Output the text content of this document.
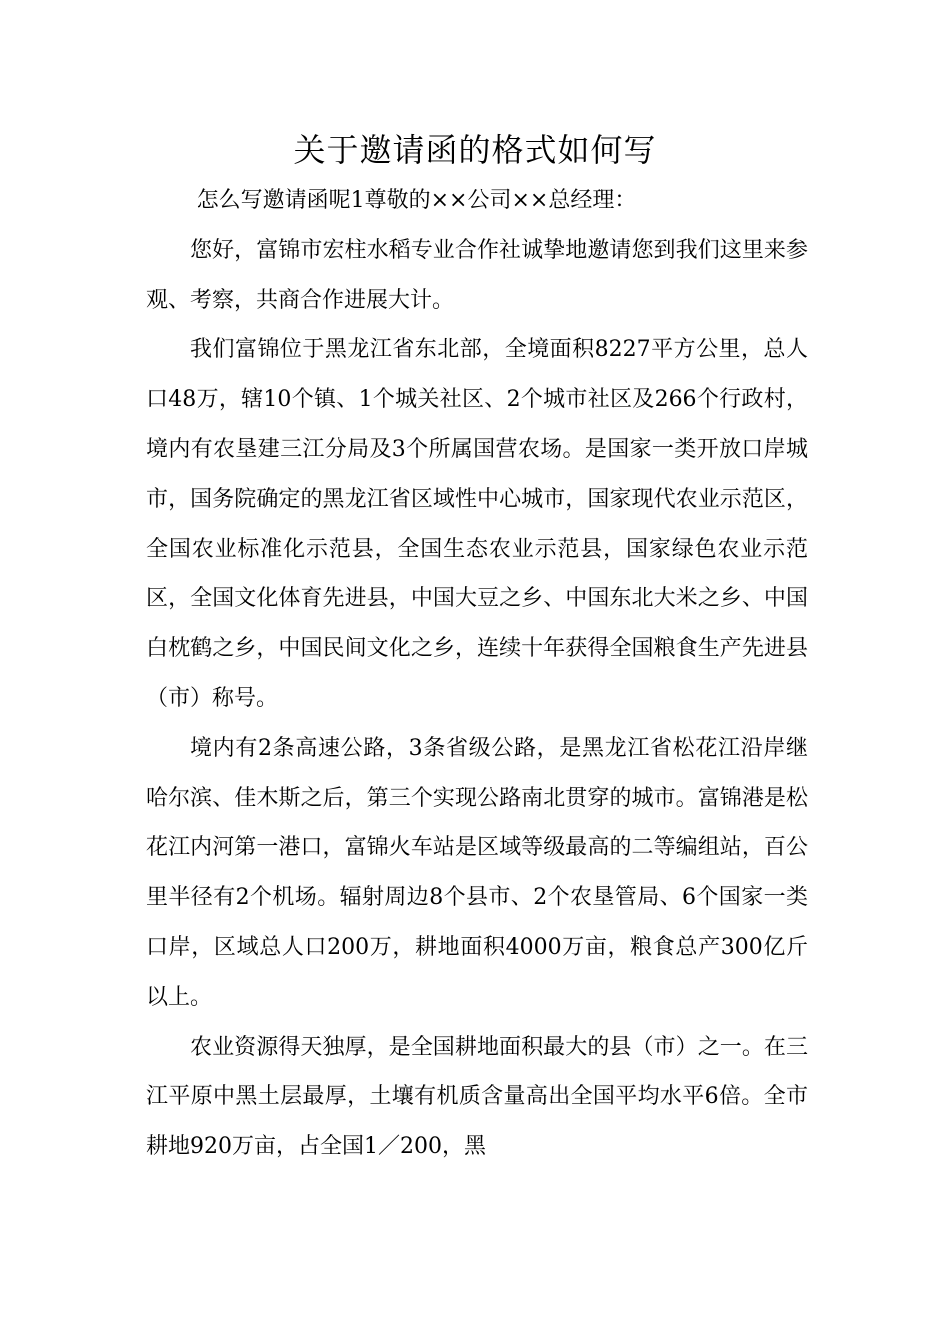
关于邀请函的格式如何写

怎么写邀请函呢1尊敬的××公司××总经理：

您好，富锦市宏柱水稻专业合作社诚挚地邀请您到我们这里来参观、考察，共商合作进展大计。

我们富锦位于黑龙江省东北部，全境面积8227平方公里，总人口48万，辖10个镇、1个城关社区、2个城市社区及266个行政村，境内有农垦建三江分局及3个所属国营农场。是国家一类开放口岸城市，国务院确定的黑龙江省区域性中心城市，国家现代农业示范区，全国农业标准化示范县，全国生态农业示范县，国家绿色农业示范区，全国文化体育先进县，中国大豆之乡、中国东北大米之乡、中国白枕鹤之乡，中国民间文化之乡，连续十年获得全国粮食生产先进县（市）称号。

境内有2条高速公路，3条省级公路，是黑龙江省松花江沿岸继哈尔滨、佳木斯之后，第三个实现公路南北贯穿的城市。富锦港是松花江内河第一港口，富锦火车站是区域等级最高的二等编组站，百公里半径有2个机场。辐射周边8个县市、2个农垦管局、6个国家一类口岸，区域总人口200万，耕地面积4000万亩，粮食总产300亿斤以上。

农业资源得天独厚，是全国耕地面积最大的县（市）之一。在三江平原中黑土层最厚，土壤有机质含量高出全国平均水平6倍。全市耕地920万亩，占全国1／200，黑
